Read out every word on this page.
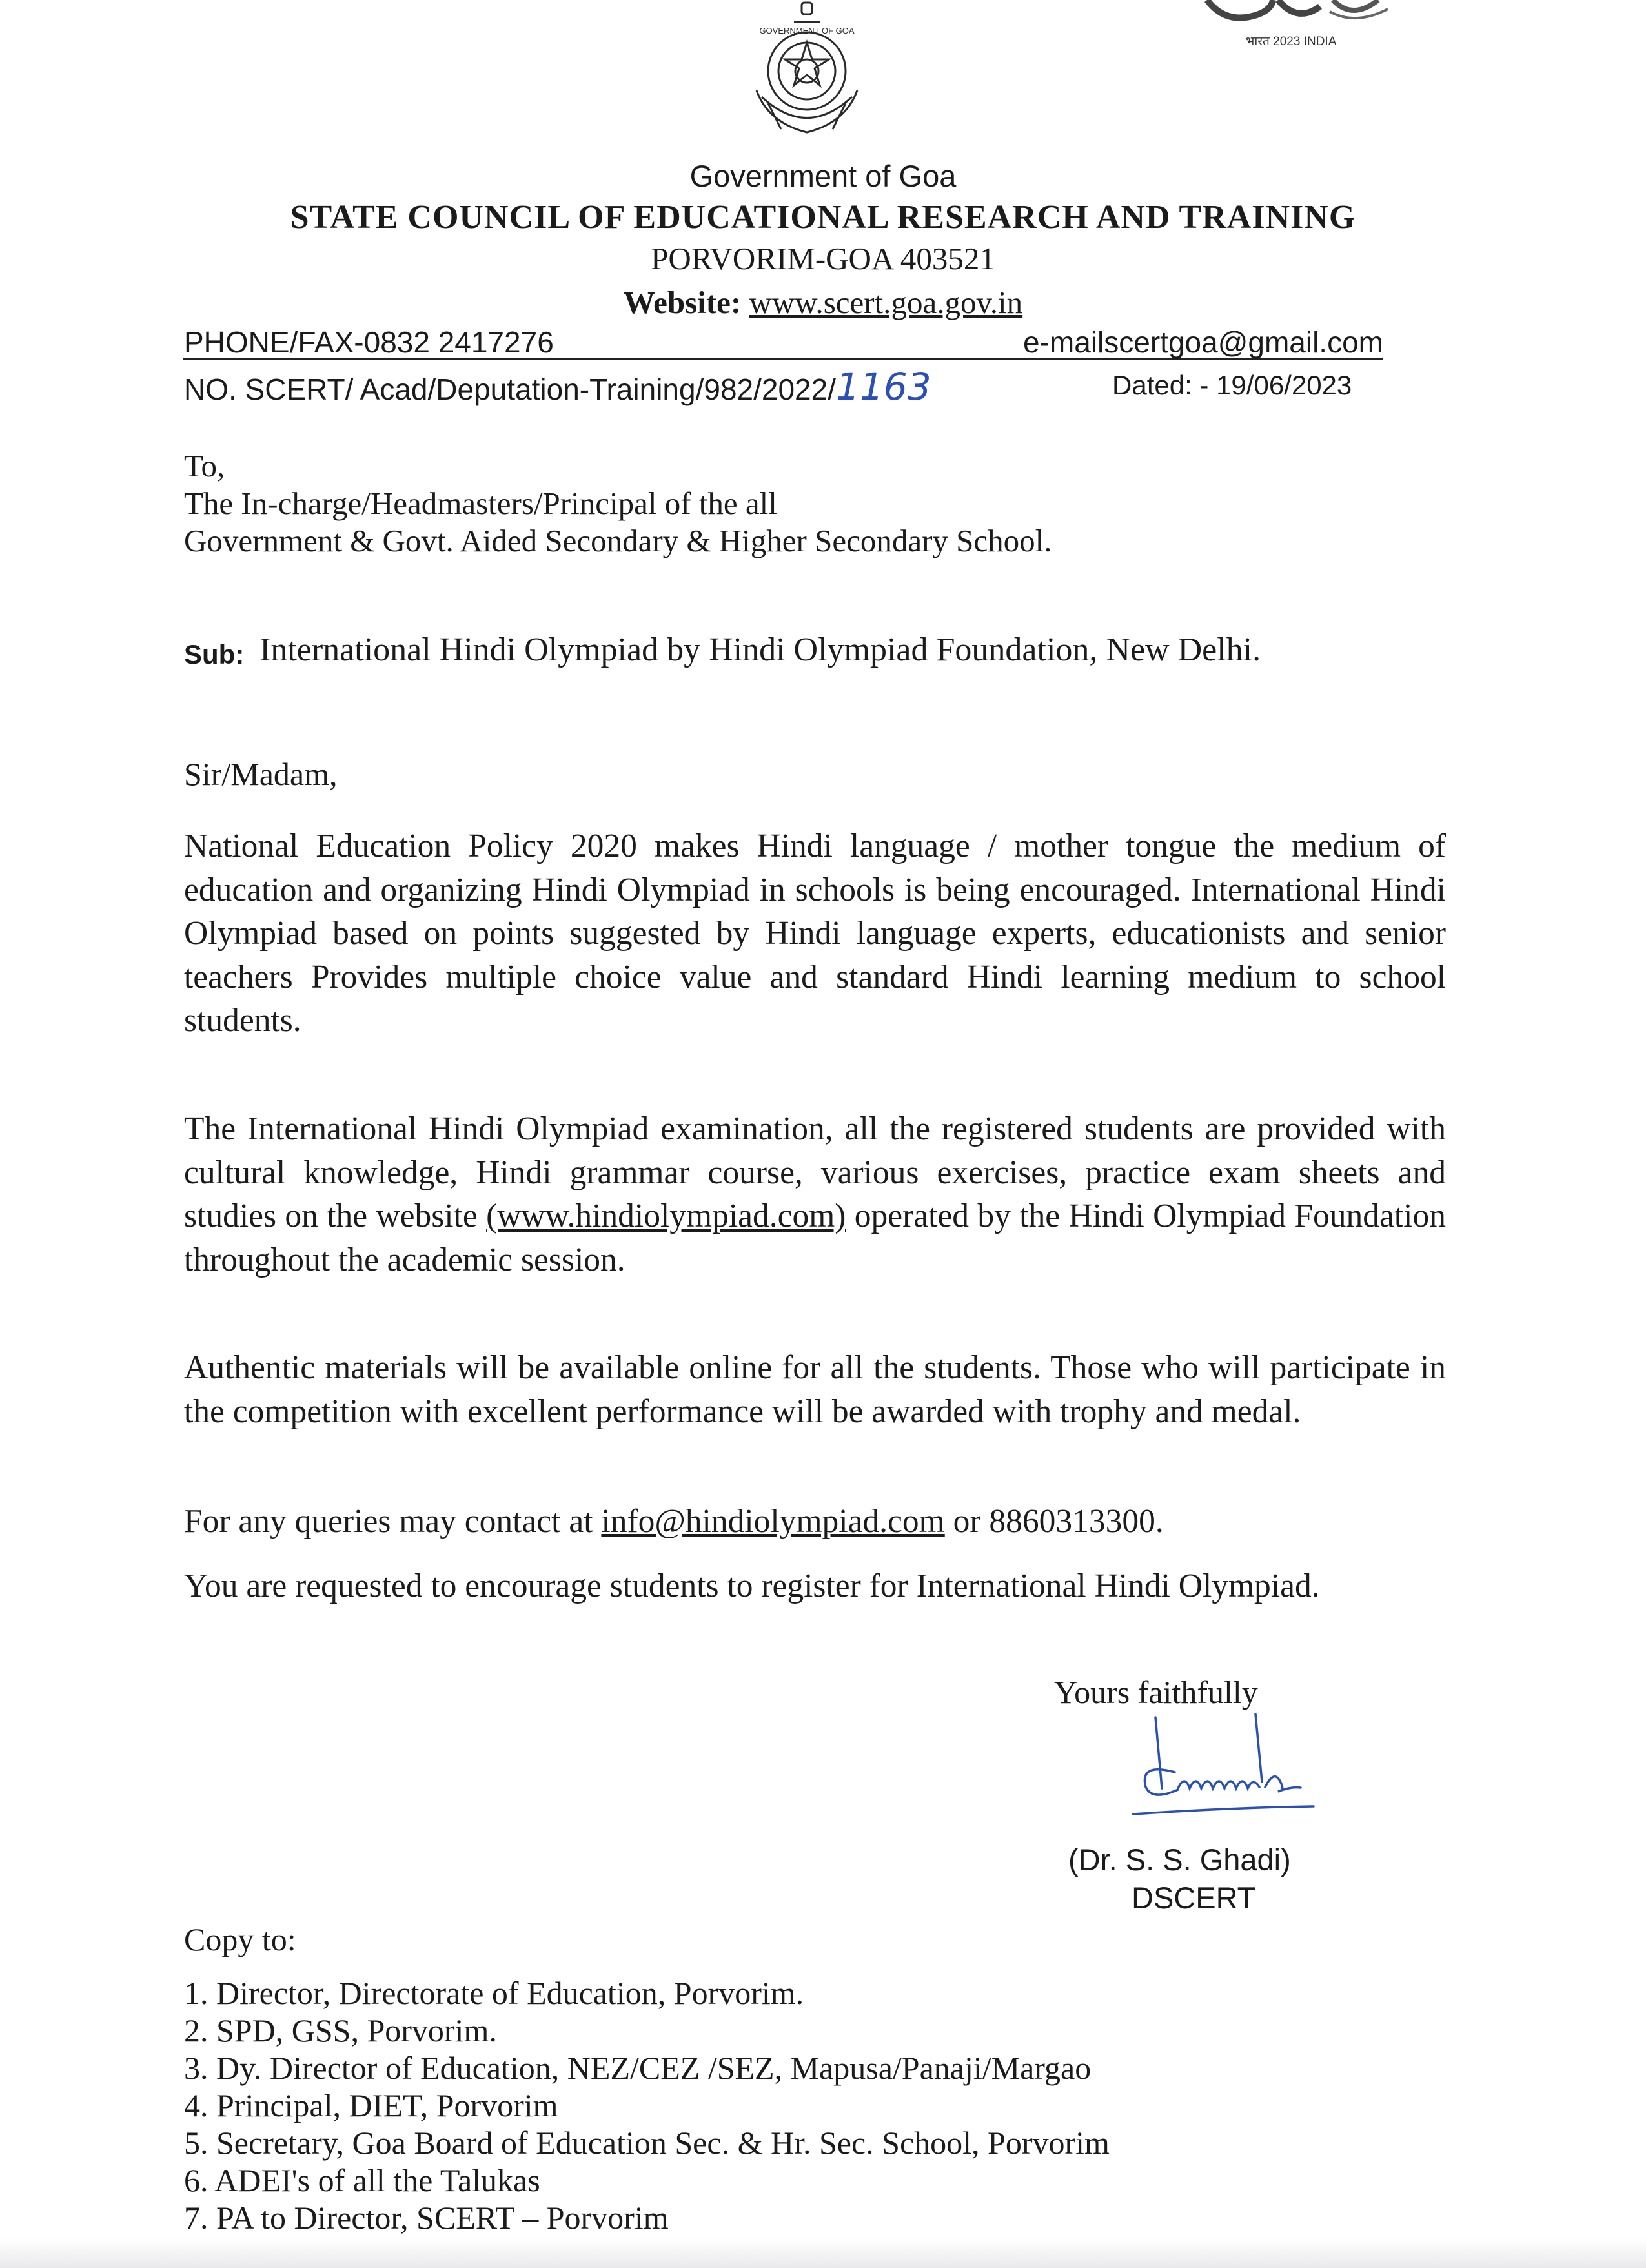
GOVERNMENT OF GOA
भारत 2023 INDIA
Government of Goa
STATE COUNCIL OF EDUCATIONAL RESEARCH AND TRAINING
PORVORIM-GOA 403521
Website: www.scert.goa.gov.in
PHONE/FAX-0832 2417276	e-mailscertgoa@gmail.com
NO. SCERT/ Acad/Deputation-Training/982/2022/1163	Dated: - 19/06/2023
To,
The In-charge/Headmasters/Principal of the all
Government & Govt. Aided Secondary & Higher Secondary School.
Sub: International Hindi Olympiad by Hindi Olympiad Foundation, New Delhi.
Sir/Madam,
National Education Policy 2020 makes Hindi language / mother tongue the medium of education and organizing Hindi Olympiad in schools is being encouraged. International Hindi Olympiad based on points suggested by Hindi language experts, educationists and senior teachers Provides multiple choice value and standard Hindi learning medium to school students.
The International Hindi Olympiad examination, all the registered students are provided with cultural knowledge, Hindi grammar course, various exercises, practice exam sheets and studies on the website (www.hindiolympiad.com) operated by the Hindi Olympiad Foundation throughout the academic session.
Authentic materials will be available online for all the students. Those who will participate in the competition with excellent performance will be awarded with trophy and medal.
For any queries may contact at info@hindiolympiad.com or 8860313300.
You are requested to encourage students to register for International Hindi Olympiad.
Yours faithfully
(Dr. S. S. Ghadi)
DSCERT
Copy to:
1. Director, Directorate of Education, Porvorim.
2. SPD, GSS, Porvorim.
3. Dy. Director of Education, NEZ/CEZ /SEZ, Mapusa/Panaji/Margao
4. Principal, DIET, Porvorim
5. Secretary, Goa Board of Education Sec. & Hr. Sec. School, Porvorim
6. ADEI's of all the Talukas
7. PA to Director, SCERT – Porvorim
